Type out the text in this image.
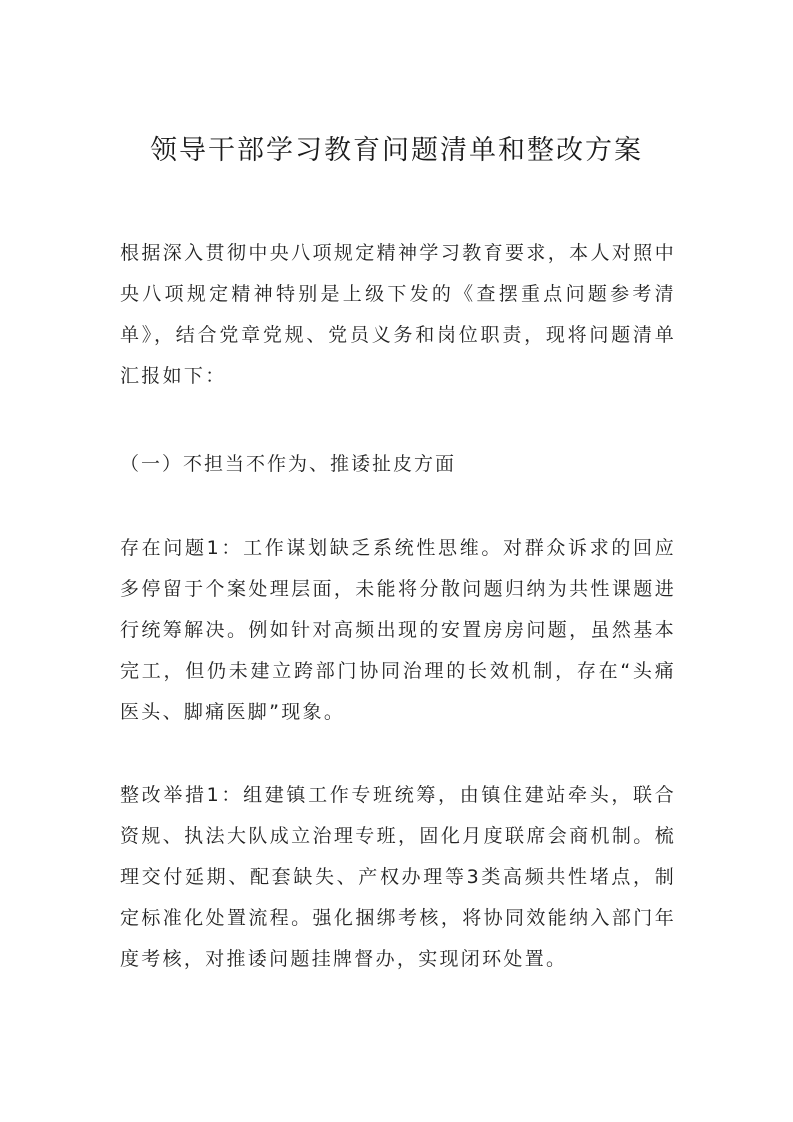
领导干部学习教育问题清单和整改方案
根据深入贯彻中央八项规定精神学习教育要求，本人对照中央八项规定精神特别是上级下发的《查摆重点问题参考清单》，结合党章党规、党员义务和岗位职责，现将问题清单汇报如下：
（一）不担当不作为、推诿扯皮方面
存在问题1：工作谋划缺乏系统性思维。对群众诉求的回应多停留于个案处理层面，未能将分散问题归纳为共性课题进行统筹解决。例如针对高频出现的安置房房问题，虽然基本完工，但仍未建立跨部门协同治理的长效机制，存在“头痛医头、脚痛医脚”现象。
整改举措1：组建镇工作专班统筹，由镇住建站牵头，联合资规、执法大队成立治理专班，固化月度联席会商机制。梳理交付延期、配套缺失、产权办理等3类高频共性堵点，制定标准化处置流程。强化捆绑考核，将协同效能纳入部门年度考核，对推诿问题挂牌督办，实现闭环处置。
